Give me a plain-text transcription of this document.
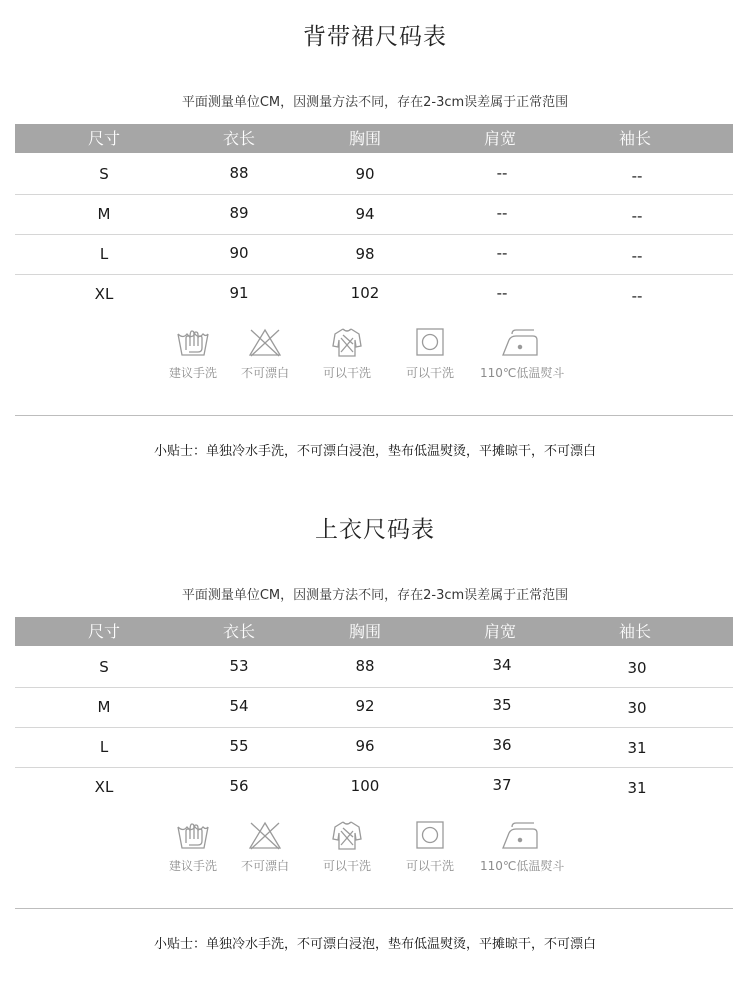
背带裙尺码表
平面测量单位CM，因测量方法不同，存在2-3cm误差属于正常范围
尺寸	衣长	胸围	肩宽	袖长
S	88	90	--	--
M	89	94	--	--
L	90	98	--	--
XL	91	102	--	--
建议手洗	不可漂白	可以干洗	可以干洗	110℃低温熨斗
小贴士：单独冷水手洗，不可漂白浸泡，垫布低温熨烫，平摊晾干，不可漂白
上衣尺码表
平面测量单位CM，因测量方法不同，存在2-3cm误差属于正常范围
尺寸	衣长	胸围	肩宽	袖长
S	53	88	34	30
M	54	92	35	30
L	55	96	36	31
XL	56	100	37	31
建议手洗	不可漂白	可以干洗	可以干洗	110℃低温熨斗
小贴士：单独冷水手洗，不可漂白浸泡，垫布低温熨烫，平摊晾干，不可漂白
